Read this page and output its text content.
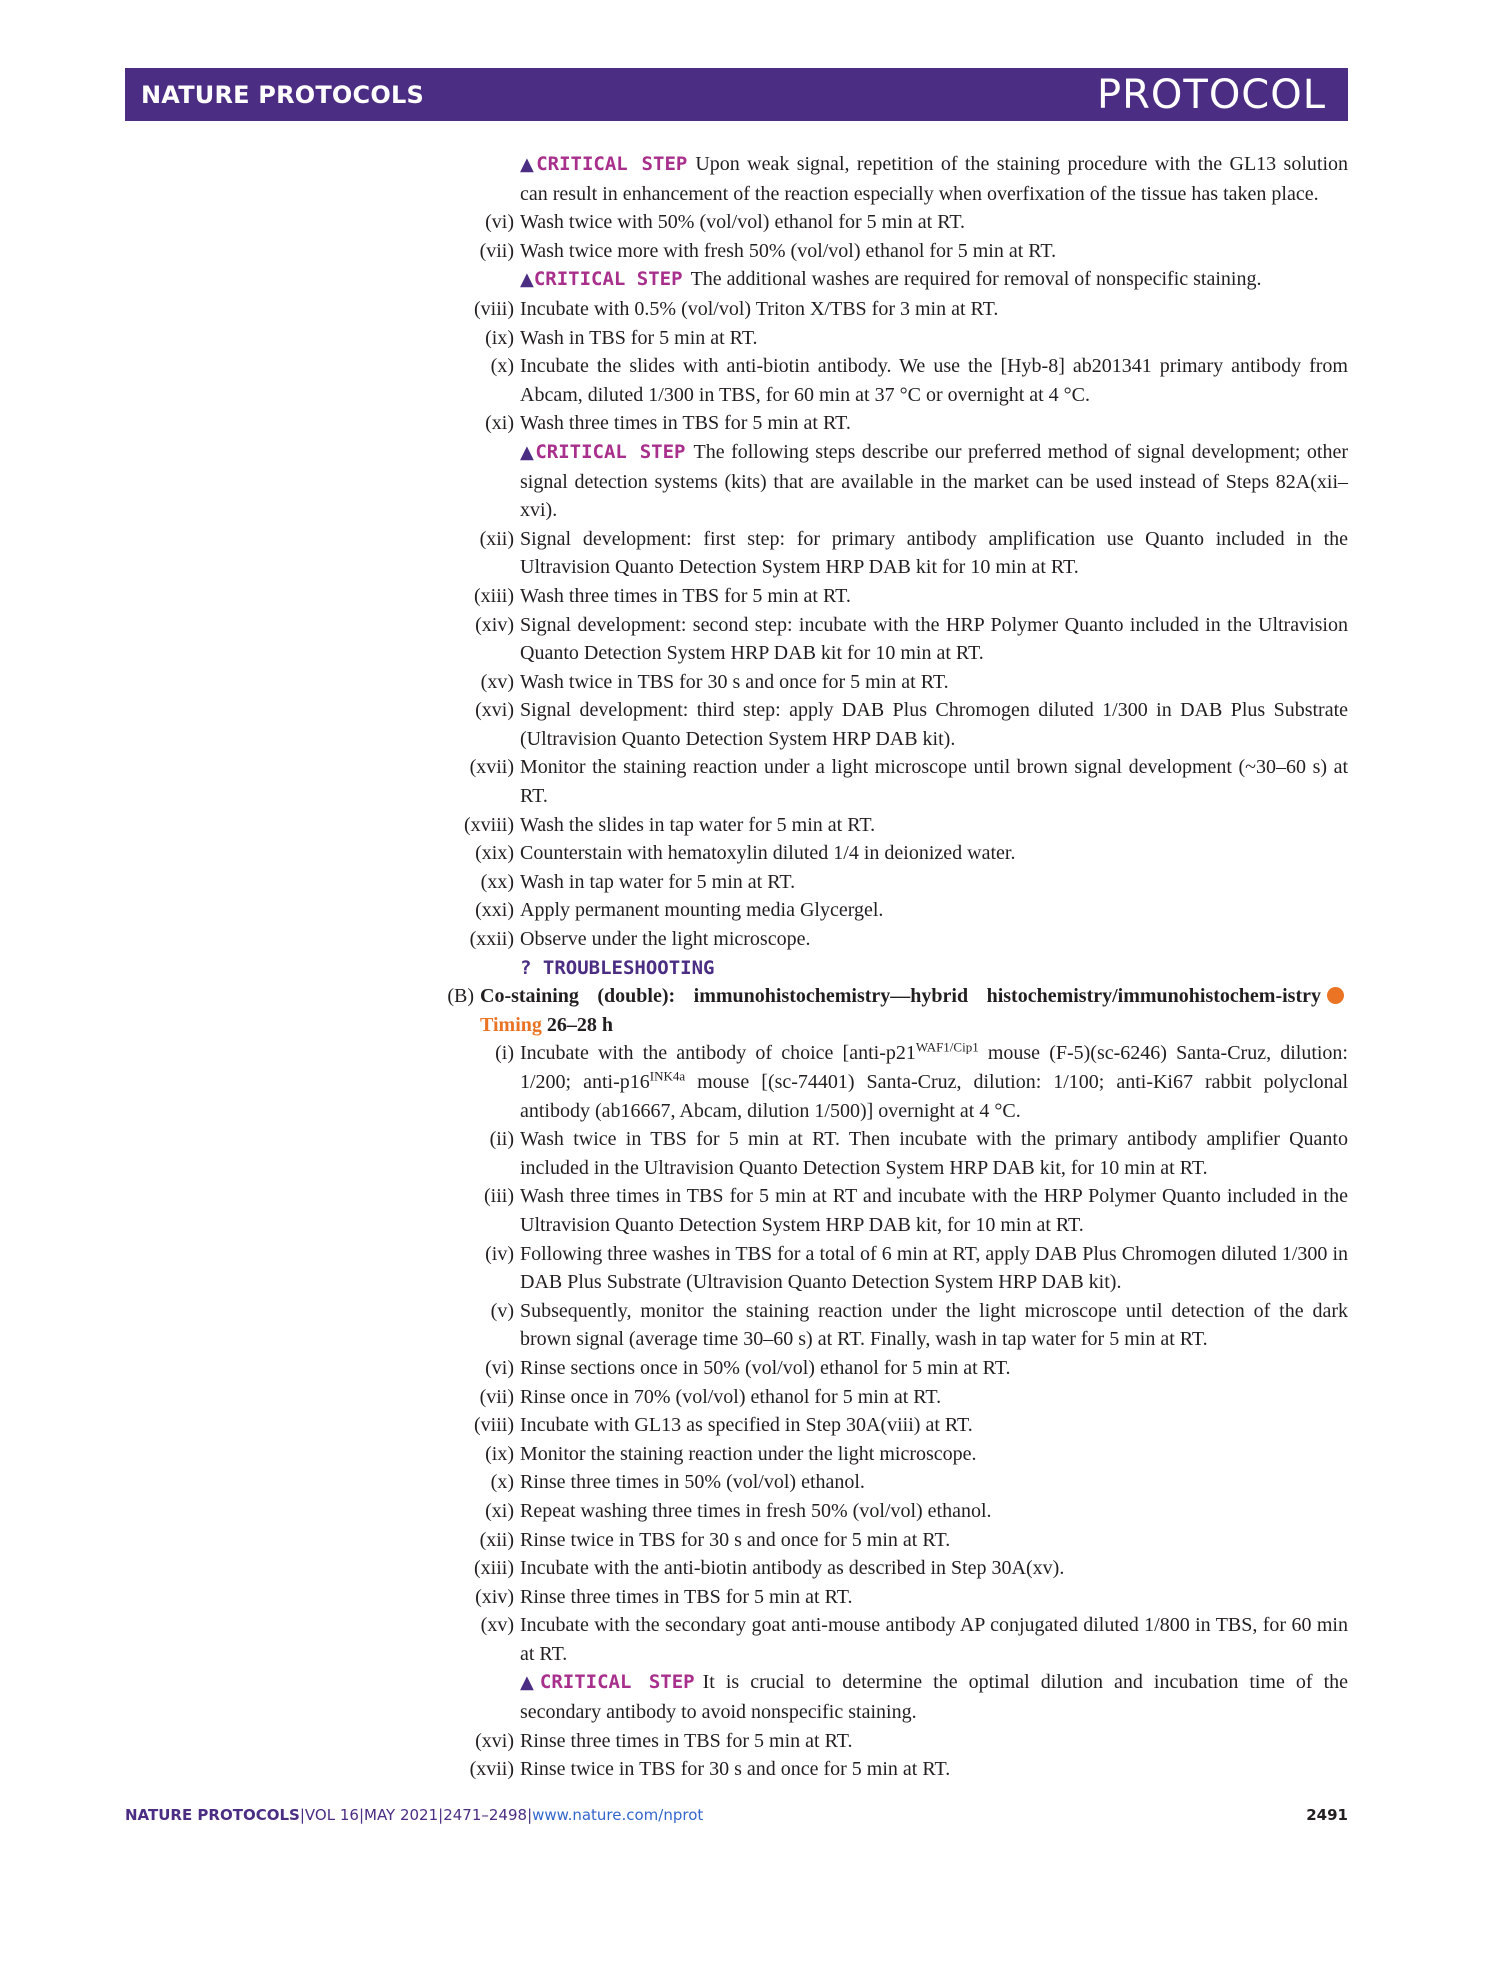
NATURE PROTOCOLS	PROTOCOL
▲CRITICAL STEP Upon weak signal, repetition of the staining procedure with the GL13 solution can result in enhancement of the reaction especially when overfixation of the tissue has taken place.
(vi) Wash twice with 50% (vol/vol) ethanol for 5 min at RT.
(vii) Wash twice more with fresh 50% (vol/vol) ethanol for 5 min at RT.
▲CRITICAL STEP The additional washes are required for removal of nonspecific staining.
(viii) Incubate with 0.5% (vol/vol) Triton X/TBS for 3 min at RT.
(ix) Wash in TBS for 5 min at RT.
(x) Incubate the slides with anti-biotin antibody. We use the [Hyb-8] ab201341 primary antibody from Abcam, diluted 1/300 in TBS, for 60 min at 37 °C or overnight at 4 °C.
(xi) Wash three times in TBS for 5 min at RT.
▲CRITICAL STEP The following steps describe our preferred method of signal development; other signal detection systems (kits) that are available in the market can be used instead of Steps 82A(xii–xvi).
(xii) Signal development: first step: for primary antibody amplification use Quanto included in the Ultravision Quanto Detection System HRP DAB kit for 10 min at RT.
(xiii) Wash three times in TBS for 5 min at RT.
(xiv) Signal development: second step: incubate with the HRP Polymer Quanto included in the Ultravision Quanto Detection System HRP DAB kit for 10 min at RT.
(xv) Wash twice in TBS for 30 s and once for 5 min at RT.
(xvi) Signal development: third step: apply DAB Plus Chromogen diluted 1/300 in DAB Plus Substrate (Ultravision Quanto Detection System HRP DAB kit).
(xvii) Monitor the staining reaction under a light microscope until brown signal development (~30–60 s) at RT.
(xviii) Wash the slides in tap water for 5 min at RT.
(xix) Counterstain with hematoxylin diluted 1/4 in deionized water.
(xx) Wash in tap water for 5 min at RT.
(xxi) Apply permanent mounting media Glycergel.
(xxii) Observe under the light microscope.
? TROUBLESHOOTING
(B) Co-staining (double): immunohistochemistry—hybrid histochemistry/immunohistochem-istryTiming 26–28 h
(i) Incubate with the antibody of choice [$anti-p21^{WAF1/Cip1}$ mouse (F-5)(sc-6246) Santa-Cruz, dilution: 1/200; anti-$p16^{INK4a}$ mouse [(sc-74401) Santa-Cruz, dilution: 1/100; anti-Ki67 rabbit polyclonal antibody (ab16667, Abcam, dilution 1/500)] overnight at 4 °C.
(ii) Wash twice in TBS for 5 min at RT. Then incubate with the primary antibody amplifier Quanto included in the Ultravision Quanto Detection System HRP DAB kit, for 10 min at RT.
(iii) Wash three times in TBS for 5 min at RT and incubate with the HRP Polymer Quanto included in the Ultravision Quanto Detection System HRP DAB kit, for 10 min at RT.
(iv) Following three washes in TBS for a total of 6 min at RT, apply DAB Plus Chromogen diluted 1/300 in DAB Plus Substrate (Ultravision Quanto Detection System HRP DAB kit).
(v) Subsequently, monitor the staining reaction under the light microscope until detection of the dark brown signal (average time 30–60 s) at RT. Finally, wash in tap water for 5 min at RT.
(vi) Rinse sections once in 50% (vol/vol) ethanol for 5 min at RT.
(vii) Rinse once in 70% (vol/vol) ethanol for 5 min at RT.
(viii) Incubate with GL13 as specified in Step 30A(viii) at RT.
(ix) Monitor the staining reaction under the light microscope.
(x) Rinse three times in 50% (vol/vol) ethanol.
(xi) Repeat washing three times in fresh 50% (vol/vol) ethanol.
(xii) Rinse twice in TBS for 30 s and once for 5 min at RT.
(xiii) Incubate with the anti-biotin antibody as described in Step 30A(xv).
(xiv) Rinse three times in TBS for 5 min at RT.
(xv) Incubate with the secondary goat anti-mouse antibody AP conjugated diluted 1/800 in TBS, for 60 min at RT.
▲CRITICAL STEP It is crucial to determine the optimal dilution and incubation time of the secondary antibody to avoid nonspecific staining.
(xvi) Rinse three times in TBS for 5 min at RT.
(xvii) Rinse twice in TBS for 30 s and once for 5 min at RT.
NATURE PROTOCOLS|VOL 16|MAY 2021|2471–2498|www.nature.com/nprot	2491
